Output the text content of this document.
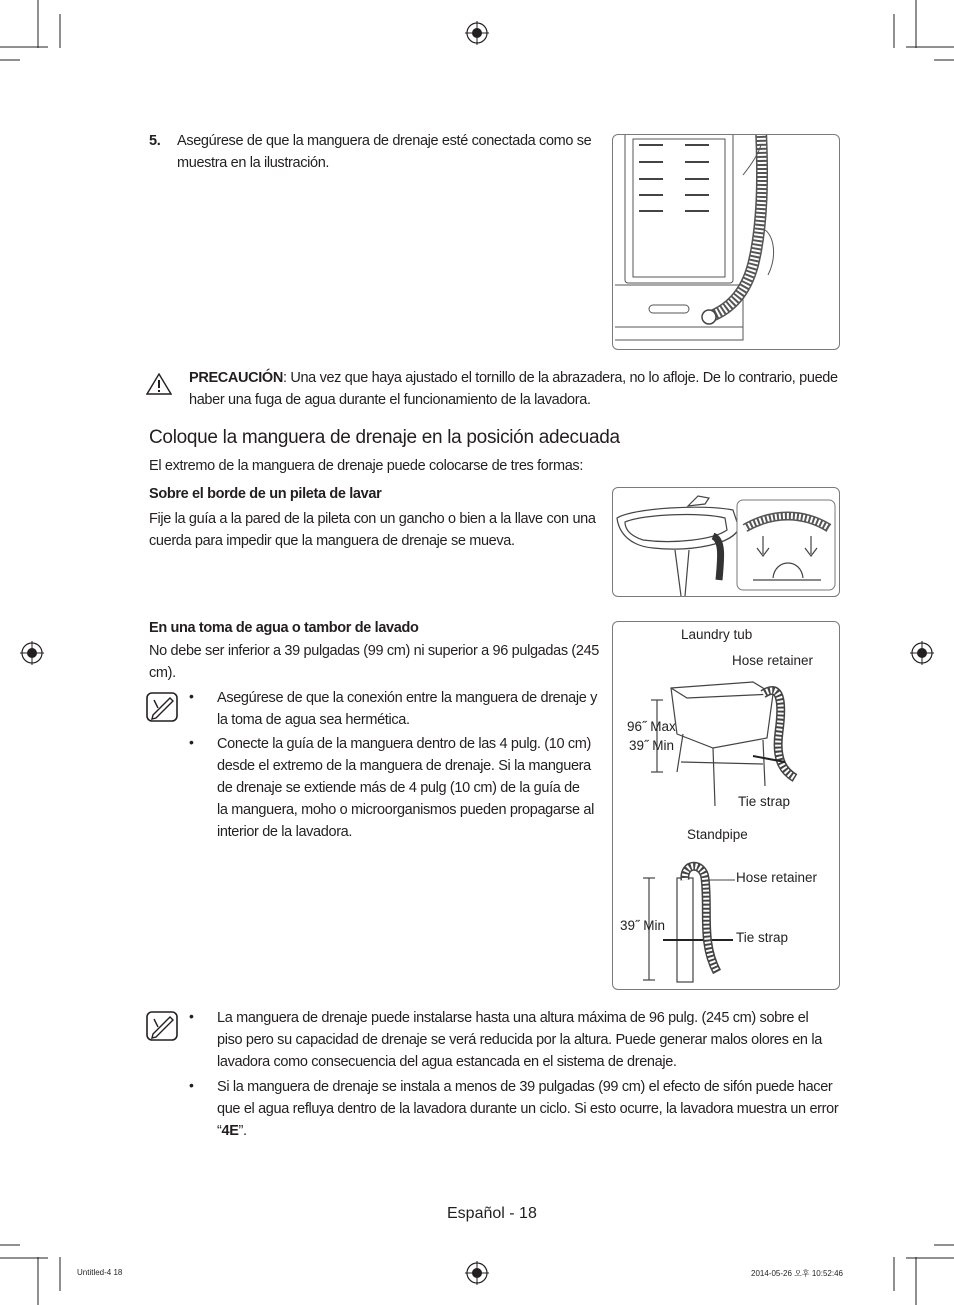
5. Asegúrese de que la manguera de drenaje esté conectada como se
muestra en la ilustración.
PRECAUCIÓN: Una vez que haya ajustado el tornillo de la abrazadera, no lo afloje. De lo contrario, puede
haber una fuga de agua durante el funcionamiento de la lavadora.
Coloque la manguera de drenaje en la posición adecuada
El extremo de la manguera de drenaje puede colocarse de tres formas:
Sobre el borde de un pileta de lavar
Fije la guía a la pared de la pileta con un gancho o bien a la llave con una
cuerda para impedir que la manguera de drenaje se mueva.
En una toma de agua o tambor de lavado
No debe ser inferior a 39 pulgadas (99 cm) ni superior a 96 pulgadas (245
cm).
• Asegúrese de que la conexión entre la manguera de drenaje y
la toma de agua sea hermética.
• Conecte la guía de la manguera dentro de las 4 pulg. (10 cm)
desde el extremo de la manguera de drenaje. Si la manguera
de drenaje se extiende más de 4 pulg (10 cm) de la guía de
la manguera, moho o microorganismos pueden propagarse al
interior de la lavadora.
Laundry tub
Hose retainer
96˝ Max
39˝ Min
Tie strap
Standpipe
Hose retainer
39˝ Min
Tie strap
• La manguera de drenaje puede instalarse hasta una altura máxima de 96 pulg. (245 cm) sobre el
piso pero su capacidad de drenaje se verá reducida por la altura. Puede generar malos olores en la
lavadora como consecuencia del agua estancada en el sistema de drenaje.
• Si la manguera de drenaje se instala a menos de 39 pulgadas (99 cm) el efecto de sifón puede hacer
que el agua refluya dentro de la lavadora durante un ciclo. Si esto ocurre, la lavadora muestra un error
“4E”.
Español - 18
Untitled-4 18	2014-05-26 오후 10:52:46
